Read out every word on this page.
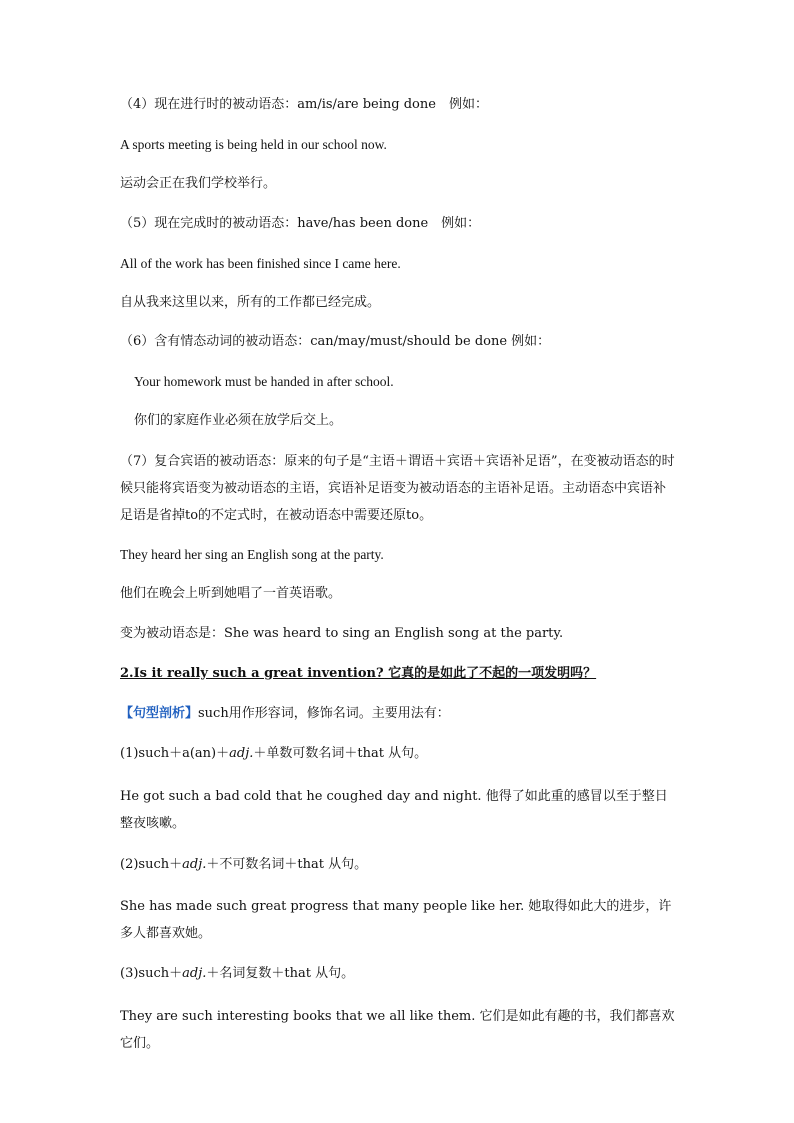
（4）现在进行时的被动语态：am/is/are being done　例如：
A sports meeting is being held in our school now.
运动会正在我们学校举行。
（5）现在完成时的被动语态：have/has been done　例如：
All of the work has been finished since I came here.
自从我来这里以来，所有的工作都已经完成。
（6）含有情态动词的被动语态：can/may/must/should be done 例如：
Your homework must be handed in after school.
你们的家庭作业必须在放学后交上。
（7）复合宾语的被动语态：原来的句子是“主语＋谓语＋宾语＋宾语补足语”，在变被动语态的时候只能将宾语变为被动语态的主语，宾语补足语变为被动语态的主语补足语。主动语态中宾语补足语是省掉to的不定式时，在被动语态中需要还原to。
They heard her sing an English song at the party.
他们在晚会上听到她唱了一首英语歌。
变为被动语态是：She was heard to sing an English song at the party.
2.Is it really such a great invention? 它真的是如此了不起的一项发明吗？
【句型剖析】such用作形容词，修饰名词。主要用法有：
(1)such＋a(an)＋adj.＋单数可数名词＋that 从句。
He got such a bad cold that he coughed day and night. 他得了如此重的感冒以至于整日整夜咳嗽。
(2)such＋adj.＋不可数名词＋that 从句。
She has made such great progress that many people like her. 她取得如此大的进步，许多人都喜欢她。
(3)such＋adj.＋名词复数＋that 从句。
They are such interesting books that we all like them. 它们是如此有趣的书，我们都喜欢它们。
